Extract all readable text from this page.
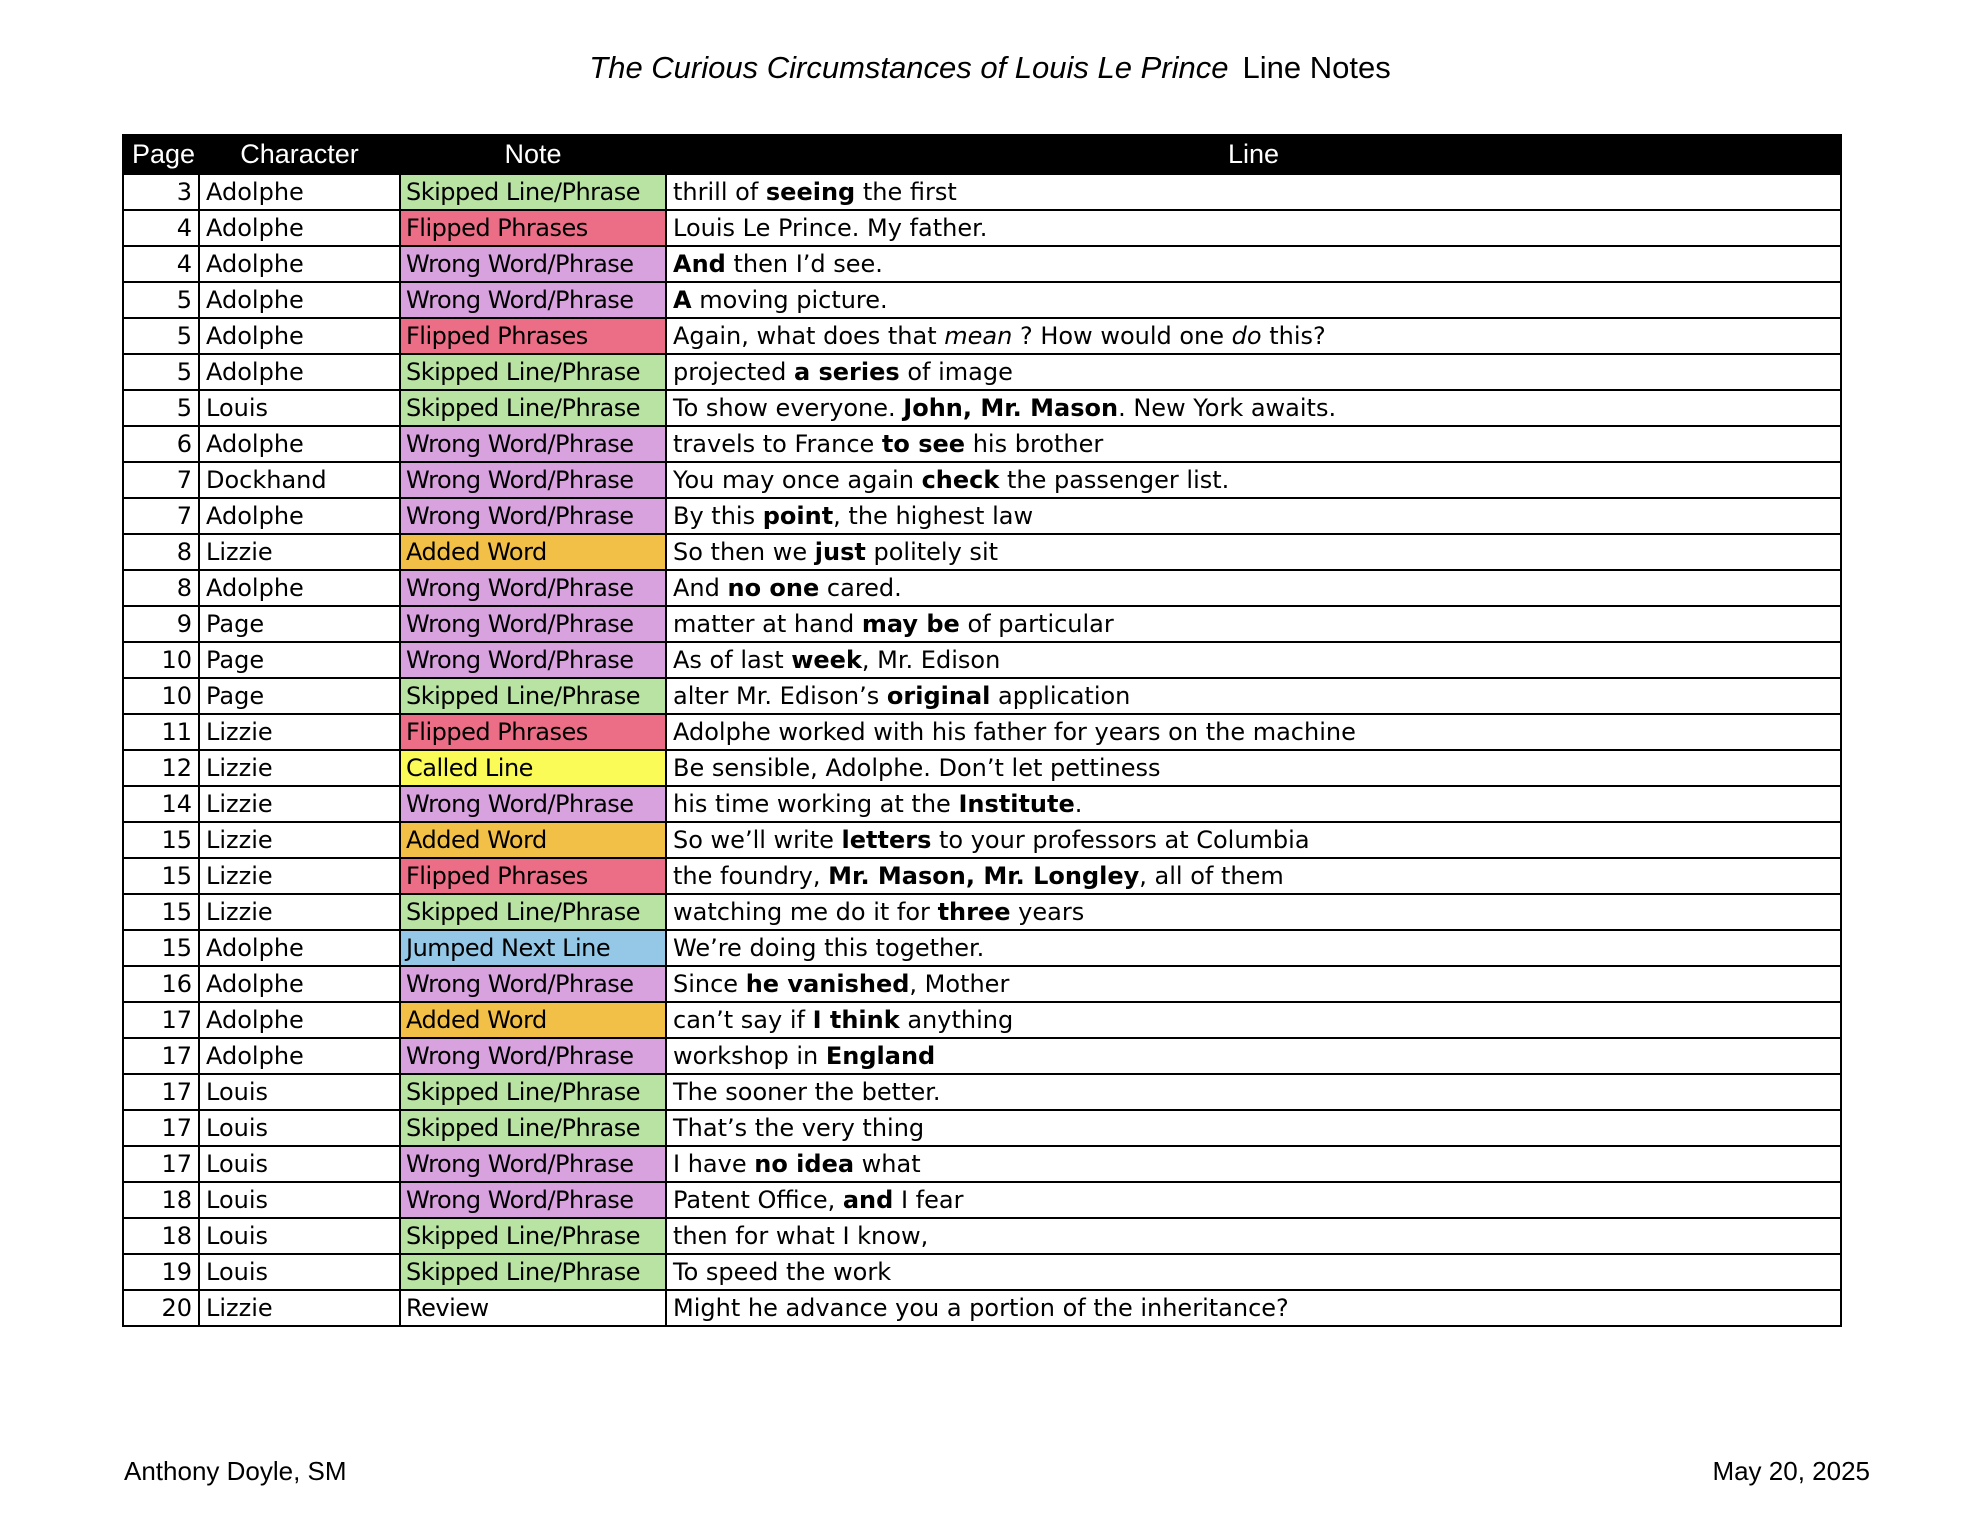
The Curious Circumstances of Louis Le Prince Line Notes
Page	Character	Note	Line
3	Adolphe	Skipped Line/Phrase	thrill of seeing the first
4	Adolphe	Flipped Phrases	Louis Le Prince. My father.
4	Adolphe	Wrong Word/Phrase	And then I’d see.
5	Adolphe	Wrong Word/Phrase	A moving picture.
5	Adolphe	Flipped Phrases	Again, what does that mean ? How would one do this?
5	Adolphe	Skipped Line/Phrase	projected a series of image
5	Louis	Skipped Line/Phrase	To show everyone. John, Mr. Mason. New York awaits.
6	Adolphe	Wrong Word/Phrase	travels to France to see his brother
7	Dockhand	Wrong Word/Phrase	You may once again check the passenger list.
7	Adolphe	Wrong Word/Phrase	By this point, the highest law
8	Lizzie	Added Word	So then we just politely sit
8	Adolphe	Wrong Word/Phrase	And no one cared.
9	Page	Wrong Word/Phrase	matter at hand may be of particular
10	Page	Wrong Word/Phrase	As of last week, Mr. Edison
10	Page	Skipped Line/Phrase	alter Mr. Edison’s original application
11	Lizzie	Flipped Phrases	Adolphe worked with his father for years on the machine
12	Lizzie	Called Line	Be sensible, Adolphe. Don’t let pettiness
14	Lizzie	Wrong Word/Phrase	his time working at the Institute.
15	Lizzie	Added Word	So we’ll write letters to your professors at Columbia
15	Lizzie	Flipped Phrases	the foundry, Mr. Mason, Mr. Longley, all of them
15	Lizzie	Skipped Line/Phrase	watching me do it for three years
15	Adolphe	Jumped Next Line	We’re doing this together.
16	Adolphe	Wrong Word/Phrase	Since he vanished, Mother
17	Adolphe	Added Word	can’t say if I think anything
17	Adolphe	Wrong Word/Phrase	workshop in England
17	Louis	Skipped Line/Phrase	The sooner the better.
17	Louis	Skipped Line/Phrase	That’s the very thing
17	Louis	Wrong Word/Phrase	I have no idea what
18	Louis	Wrong Word/Phrase	Patent Office, and I fear
18	Louis	Skipped Line/Phrase	then for what I know,
19	Louis	Skipped Line/Phrase	To speed the work
20	Lizzie	Review	Might he advance you a portion of the inheritance?
Anthony Doyle, SM	May 20, 2025
